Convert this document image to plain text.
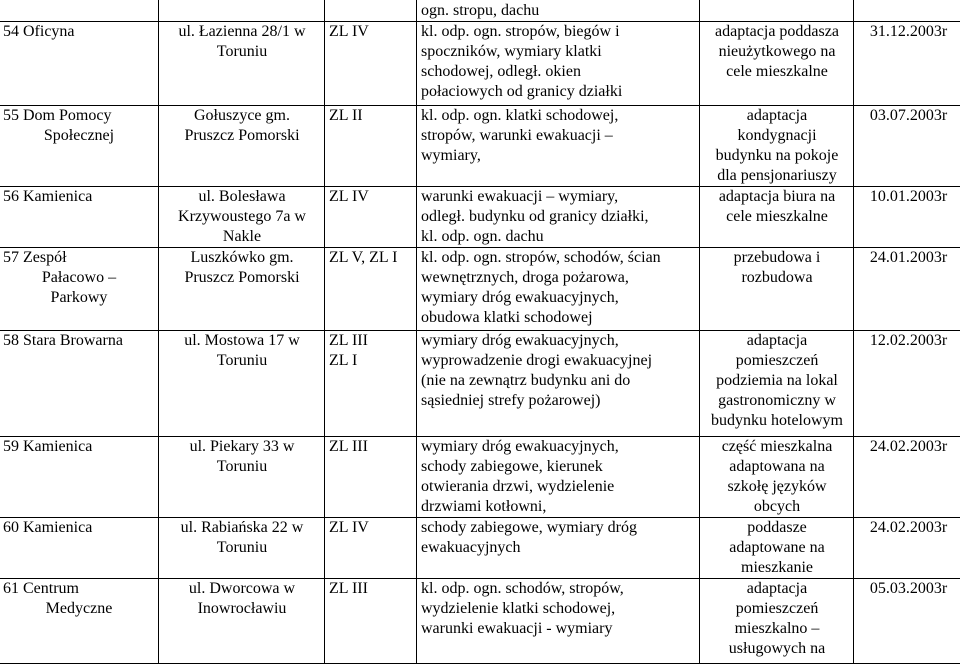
			ogn. stropu, dachu		

54 Oficyna	ul. Łazienna 28/1 w
Toruniu	ZL IV	kl. odp. ogn. stropów, biegów i
spoczników, wymiary klatki
schodowej, odległ. okien
połaciowych od granicy działki	adaptacja poddasza
nieużytkowego na
cele mieszkalne	31.12.2003r

55 Dom Pomocy
Społecznej	Gołuszyce gm.
Pruszcz Pomorski	ZL II	kl. odp. ogn. klatki schodowej,
stropów, warunki ewakuacji –
wymiary,	adaptacja
kondygnacji
budynku na pokoje
dla pensjonariuszy	03.07.2003r

56 Kamienica	ul. Bolesława
Krzywoustego 7a w
Nakle	ZL IV	warunki ewakuacji – wymiary,
odległ. budynku od granicy działki,
kl. odp. ogn. dachu	adaptacja biura na
cele mieszkalne	10.01.2003r

57 Zespół
Pałacowo –
Parkowy	Luszkówko gm.
Pruszcz Pomorski	ZL V, ZL I	kl. odp. ogn. stropów, schodów, ścian
wewnętrznych, droga pożarowa,
wymiary dróg ewakuacyjnych,
obudowa klatki schodowej	przebudowa i
rozbudowa	24.01.2003r

58 Stara Browarna	ul. Mostowa 17 w
Toruniu	ZL III
ZL I	wymiary dróg ewakuacyjnych,
wyprowadzenie drogi ewakuacyjnej
(nie na zewnątrz budynku ani do
sąsiedniej strefy pożarowej)	adaptacja
pomieszczeń
podziemia na lokal
gastronomiczny w
budynku hotelowym	12.02.2003r

59 Kamienica	ul. Piekary 33 w
Toruniu	ZL III	wymiary dróg ewakuacyjnych,
schody zabiegowe, kierunek
otwierania drzwi, wydzielenie
drzwiami kotłowni,	część mieszkalna
adaptowana na
szkołę języków
obcych	24.02.2003r

60 Kamienica	ul. Rabiańska 22 w
Toruniu	ZL IV	schody zabiegowe, wymiary dróg
ewakuacyjnych	poddasze
adaptowane na
mieszkanie	24.02.2003r

61 Centrum
Medyczne	ul. Dworcowa w
Inowrocławiu	ZL III	kl. odp. ogn. schodów, stropów,
wydzielenie klatki schodowej,
warunki ewakuacji - wymiary	adaptacja
pomieszczeń
mieszkalno –
usługowych na	05.03.2003r
